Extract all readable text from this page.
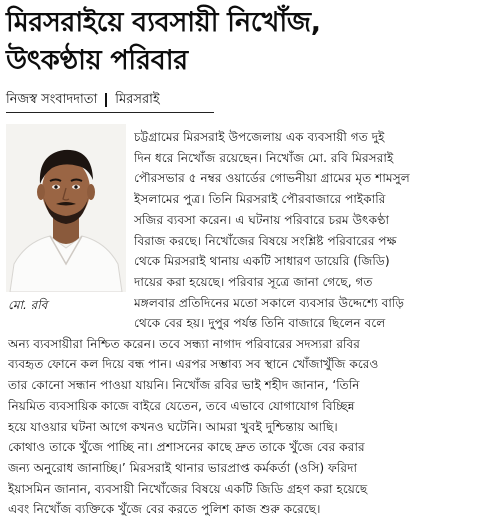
মিরসরাইয়ে ব্যবসায়ী নিখোঁজ,
উৎকণ্ঠায় পরিবার
নিজস্ব সংবাদদাতা মিরসরাই
মো. রবি
চট্টগ্রামের মিরসরাই উপজেলায় এক ব্যবসায়ী গত দুই
দিন ধরে নিখোঁজ রয়েছেন। নিখোঁজ মো. রবি মিরসরাই
পৌরসভার ৫ নম্বর ওয়ার্ডের গোভনীয়া গ্রামের মৃত শামসুল
ইসলামের পুত্র। তিনি মিরসরাই পৌরবাজারে পাইকারি
সজির ব্যবসা করেন। এ ঘটনায় পরিবারে চরম উৎকণ্ঠা
বিরাজ করছে। নিখোঁজের বিষয়ে সংশ্লিষ্ট পরিবারের পক্ষ
থেকে মিরসরাই থানায় একটি সাধারণ ডায়েরি (জিডি)
দায়ের করা হয়েছে। পরিবার সূত্রে জানা গেছে, গত
মঙ্গলবার প্রতিদিনের মতো সকালে ব্যবসার উদ্দেশ্যে বাড়ি
থেকে বের হয়। দুপুর পর্যন্ত তিনি বাজারে ছিলেন বলে
অন্য ব্যবসায়ীরা নিশ্চিত করেন। তবে সন্ধ্যা নাগাদ পরিবারের সদস্যরা রবির
ব্যবহৃত ফোনে কল দিয়ে বন্ধ পান। এরপর সম্ভাব্য সব স্থানে খোঁজাখুঁজি করেও
তার কোনো সন্ধান পাওয়া যায়নি। নিখোঁজ রবির ভাই শহীদ জানান, ‘তিনি
নিয়মিত ব্যবসায়িক কাজে বাইরে যেতেন, তবে এভাবে যোগাযোগ বিচ্ছিন্ন
হয়ে যাওয়ার ঘটনা আগে কখনও ঘটেনি। আমরা খুবই দুশ্চিন্তায় আছি।
কোথাও তাকে খুঁজে পাচ্ছি না। প্রশাসনের কাছে দ্রুত তাকে খুঁজে বের করার
জন্য অনুরোধ জানাচ্ছি।’ মিরসরাই থানার ভারপ্রাপ্ত কর্মকর্তা (ওসি) ফরিদা
ইয়াসমিন জানান, ব্যবসায়ী নিখোঁজের বিষয়ে একটি জিডি গ্রহণ করা হয়েছে
এবং নিখোঁজ ব্যক্তিকে খুঁজে বের করতে পুলিশ কাজ শুরু করেছে।
